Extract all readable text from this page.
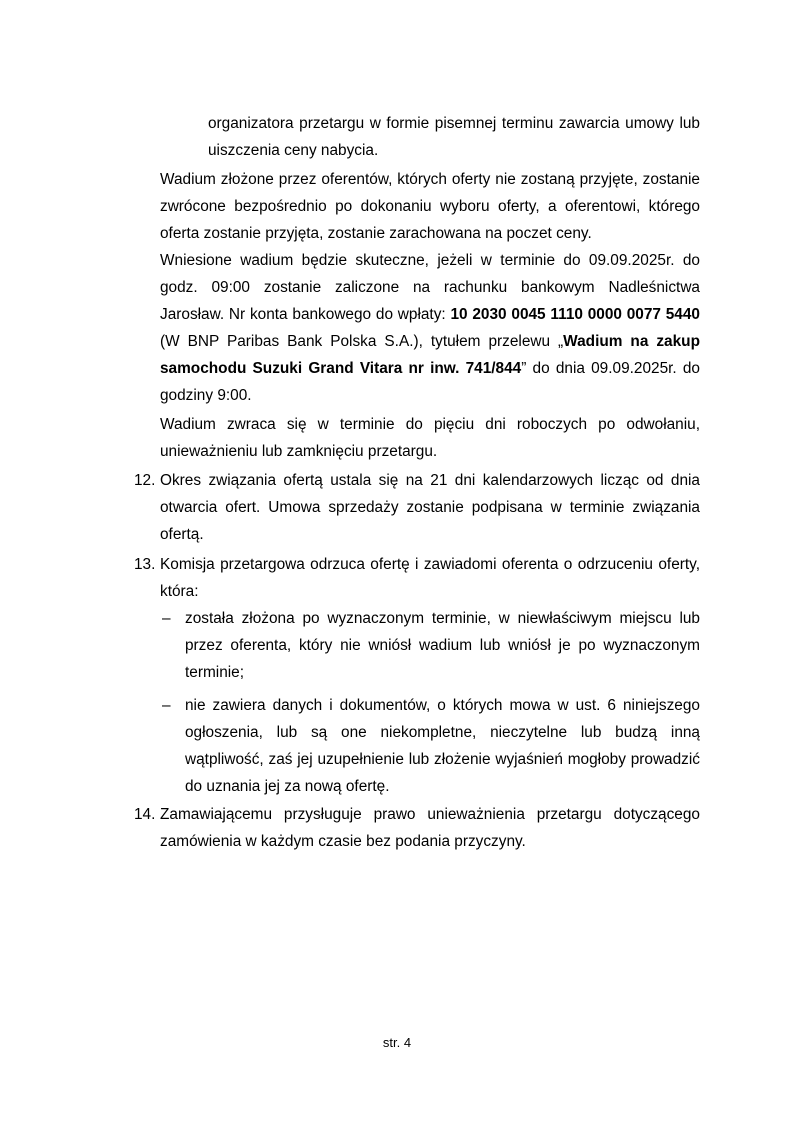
organizatora przetargu w formie pisemnej terminu zawarcia umowy lub uiszczenia ceny nabycia.

Wadium złożone przez oferentów, których oferty nie zostaną przyjęte, zostanie zwrócone bezpośrednio po dokonaniu wyboru oferty, a oferentowi, którego oferta zostanie przyjęta, zostanie zarachowana na poczet ceny.

Wniesione wadium będzie skuteczne, jeżeli w terminie do 09.09.2025r. do godz. 09:00 zostanie zaliczone na rachunku bankowym Nadleśnictwa Jarosław. Nr konta bankowego do wpłaty: 10 2030 0045 1110 0000 0077 5440 (W BNP Paribas Bank Polska S.A.), tytułem przelewu „Wadium na zakup samochodu Suzuki Grand Vitara nr inw. 741/844” do dnia 09.09.2025r. do godziny 9:00.

Wadium zwraca się w terminie do pięciu dni roboczych po odwołaniu, unieważnieniu lub zamknięciu przetargu.

12. Okres związania ofertą ustala się na 21 dni kalendarzowych licząc od dnia otwarcia ofert. Umowa sprzedaży zostanie podpisana w terminie związania ofertą.

13. Komisja przetargowa odrzuca ofertę i zawiadomi oferenta o odrzuceniu oferty, która:

– została złożona po wyznaczonym terminie, w niewłaściwym miejscu lub przez oferenta, który nie wniósł wadium lub wniósł je po wyznaczonym terminie;

– nie zawiera danych i dokumentów, o których mowa w ust. 6 niniejszego ogłoszenia, lub są one niekompletne, nieczytelne lub budzą inną wątpliwość, zaś jej uzupełnienie lub złożenie wyjaśnień mogłoby prowadzić do uznania jej za nową ofertę.

14. Zamawiającemu przysługuje prawo unieważnienia przetargu dotyczącego zamówienia w każdym czasie bez podania przyczyny.

str. 4
